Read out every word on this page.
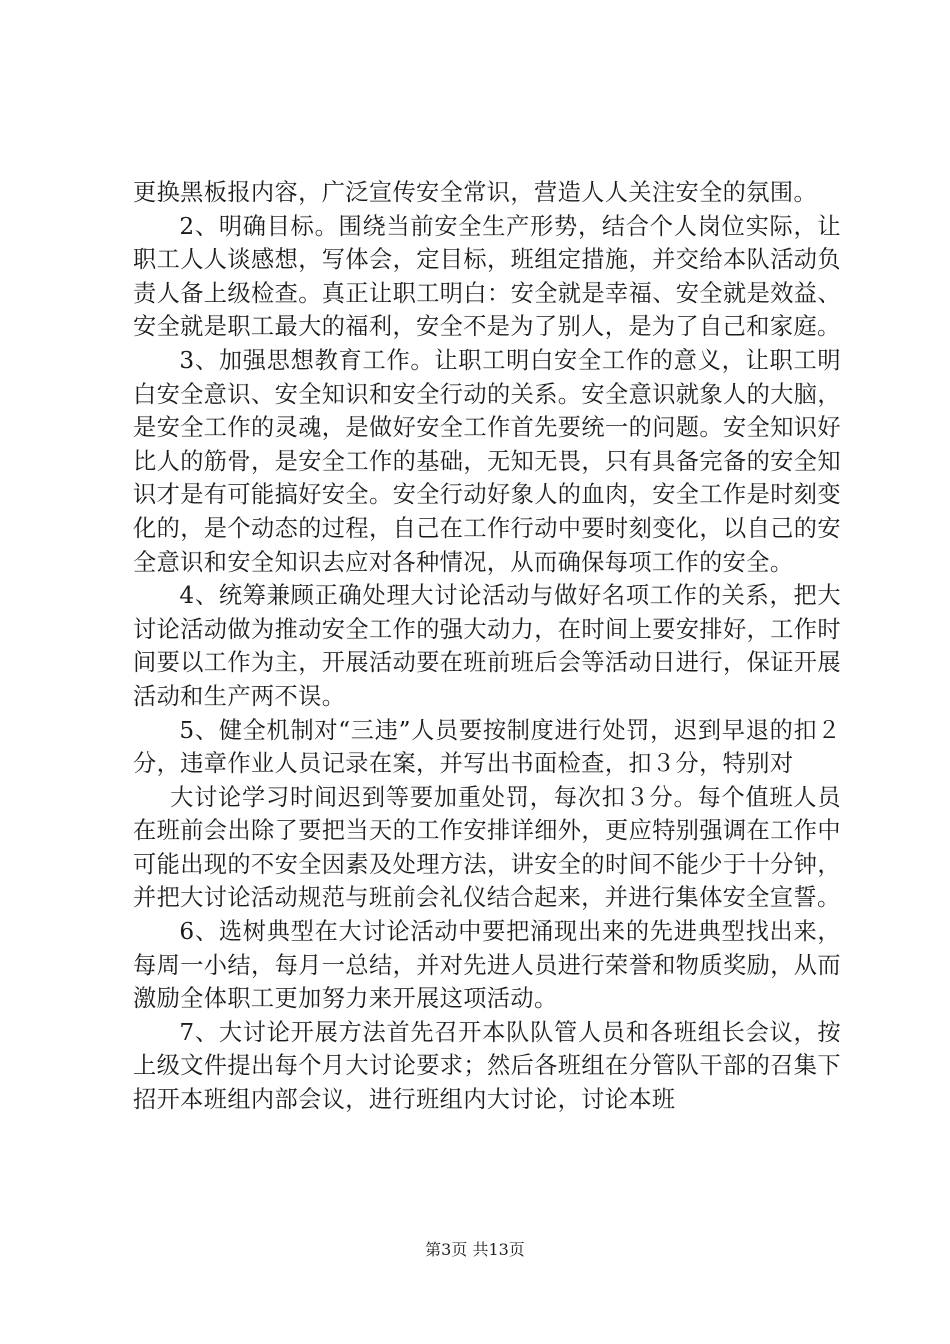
更换黑板报内容，广泛宣传安全常识，营造人人关注安全的氛围。

2、明确目标。围绕当前安全生产形势，结合个人岗位实际，让职工人人谈感想，写体会，定目标，班组定措施，并交给本队活动负责人备上级检查。真正让职工明白：安全就是幸福、安全就是效益、安全就是职工最大的福利，安全不是为了别人，是为了自己和家庭。

3、加强思想教育工作。让职工明白安全工作的意义，让职工明白安全意识、安全知识和安全行动的关系。安全意识就象人的大脑，是安全工作的灵魂，是做好安全工作首先要统一的问题。安全知识好比人的筋骨，是安全工作的基础，无知无畏，只有具备完备的安全知识才是有可能搞好安全。安全行动好象人的血肉，安全工作是时刻变化的，是个动态的过程，自己在工作行动中要时刻变化，以自己的安全意识和安全知识去应对各种情况，从而确保每项工作的安全。

4、统筹兼顾正确处理大讨论活动与做好名项工作的关系，把大讨论活动做为推动安全工作的强大动力，在时间上要安排好，工作时间要以工作为主，开展活动要在班前班后会等活动日进行，保证开展活动和生产两不误。

5、健全机制对“三违”人员要按制度进行处罚，迟到早退的扣２分，违章作业人员记录在案，并写出书面检查，扣３分，特别对

大讨论学习时间迟到等要加重处罚，每次扣３分。每个值班人员在班前会出除了要把当天的工作安排详细外，更应特别强调在工作中可能出现的不安全因素及处理方法，讲安全的时间不能少于十分钟，并把大讨论活动规范与班前会礼仪结合起来，并进行集体安全宣誓。

6、选树典型在大讨论活动中要把涌现出来的先进典型找出来，每周一小结，每月一总结，并对先进人员进行荣誉和物质奖励，从而激励全体职工更加努力来开展这项活动。

7、大讨论开展方法首先召开本队队管人员和各班组长会议，按上级文件提出每个月大讨论要求；然后各班组在分管队干部的召集下招开本班组内部会议，进行班组内大讨论，讨论本班

第3页 共13页
